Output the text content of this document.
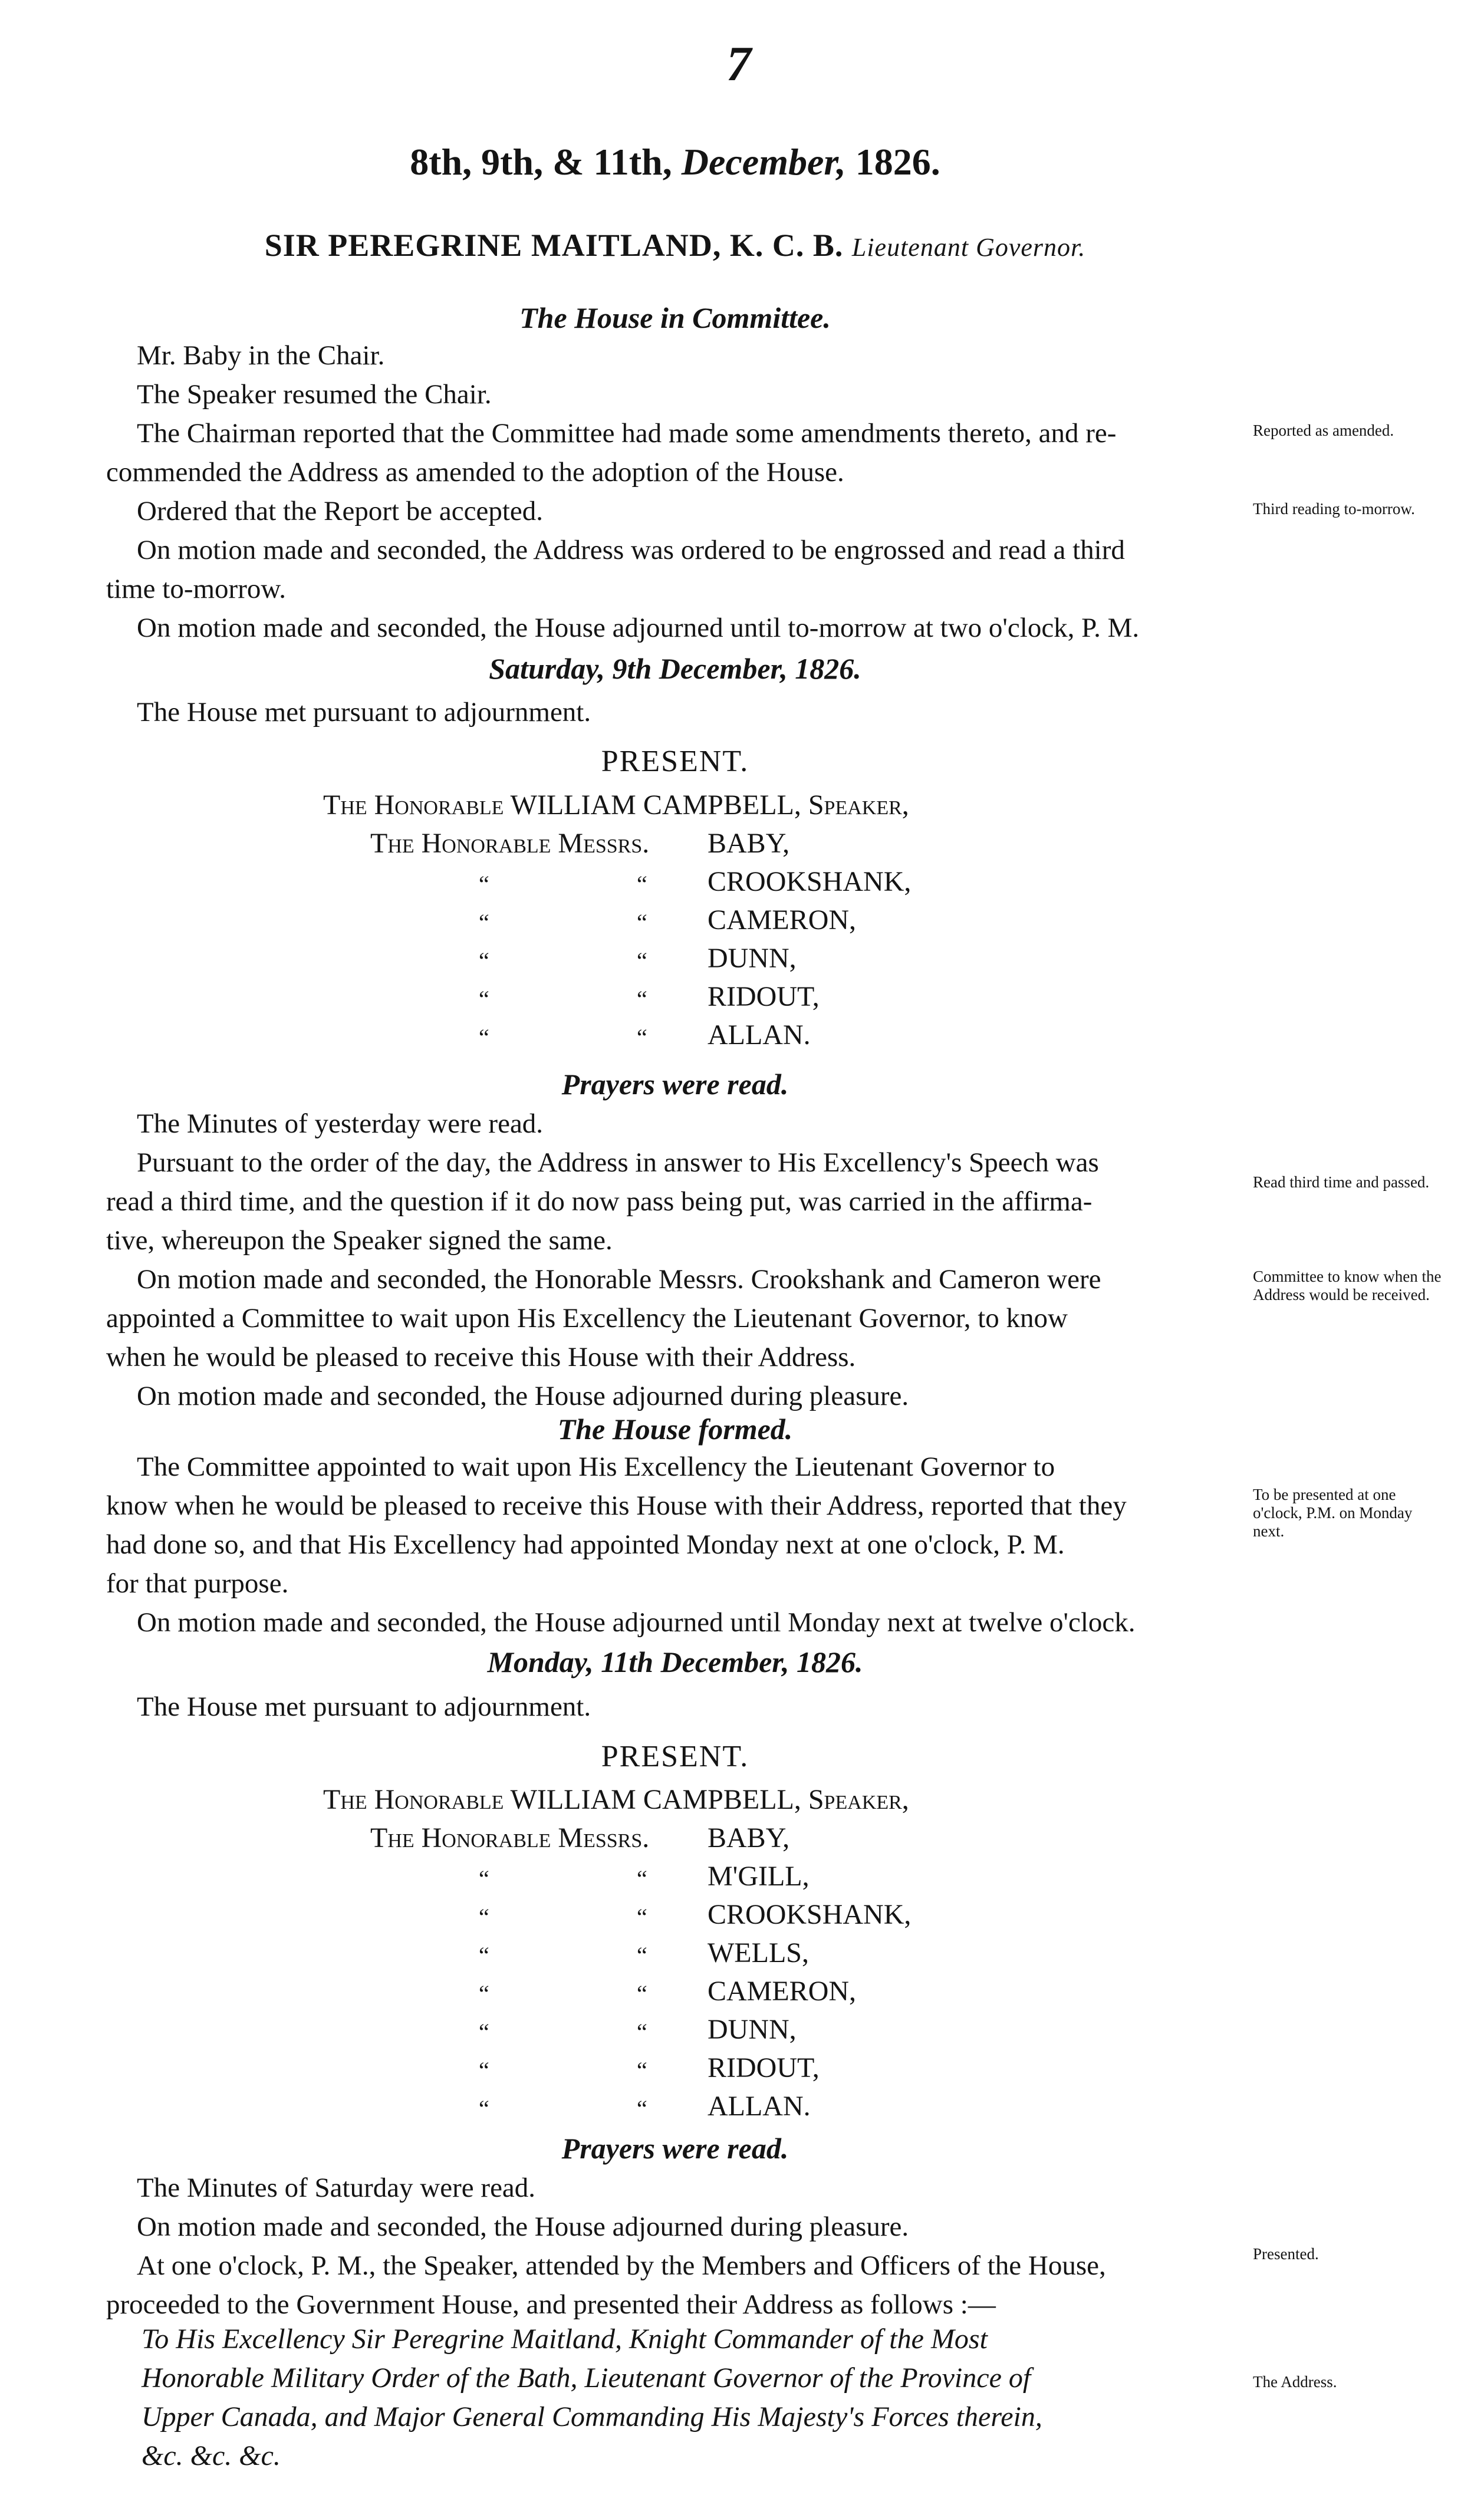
7
8th, 9th, & 11th, December, 1826.
SIR PEREGRINE MAITLAND, K. C. B. Lieutenant Governor.
The House in Committee.
Mr. Baby in the Chair.
The Speaker resumed the Chair.
The Chairman reported that the Committee had made some amendments thereto, and re-
commended the Address as amended to the adoption of the House.
Ordered that the Report be accepted.
On motion made and seconded, the Address was ordered to be engrossed and read a third
time to-morrow.
On motion made and seconded, the House adjourned until to-morrow at two o'clock, P. M.
Saturday, 9th December, 1826.
The House met pursuant to adjournment.
PRESENT.
The Honorable WILLIAM CAMPBELL, Speaker,
The Honorable Messrs. BABY,
“	“ CROOKSHANK,
“	“ CAMERON,
“	“ DUNN,
“	“ RIDOUT,
“	“ ALLAN.
Prayers were read.
The Minutes of yesterday were read.
Pursuant to the order of the day, the Address in answer to His Excellency's Speech was
read a third time, and the question if it do now pass being put, was carried in the affirma-
tive, whereupon the Speaker signed the same.
On motion made and seconded, the Honorable Messrs. Crookshank and Cameron were
appointed a Committee to wait upon His Excellency the Lieutenant Governor, to know
when he would be pleased to receive this House with their Address.
On motion made and seconded, the House adjourned during pleasure.
The House formed.
The Committee appointed to wait upon His Excellency the Lieutenant Governor to
know when he would be pleased to receive this House with their Address, reported that they
had done so, and that His Excellency had appointed Monday next at one o'clock, P. M.
for that purpose.
On motion made and seconded, the House adjourned until Monday next at twelve o'clock.
Monday, 11th December, 1826.
The House met pursuant to adjournment.
PRESENT.
The Honorable WILLIAM CAMPBELL, Speaker,
The Honorable Messrs. BABY,
“	“ M'GILL,
“	“ CROOKSHANK,
“	“ WELLS,
“	“ CAMERON,
“	“ DUNN,
“	“ RIDOUT,
“	“ ALLAN.
Prayers were read.
The Minutes of Saturday were read.
On motion made and seconded, the House adjourned during pleasure.
At one o'clock, P. M., the Speaker, attended by the Members and Officers of the House,
proceeded to the Government House, and presented their Address as follows :—
To His Excellency Sir Peregrine Maitland, Knight Commander of the Most
Honorable Military Order of the Bath, Lieutenant Governor of the Province of
Upper Canada, and Major General Commanding His Majesty's Forces therein,
&c. &c. &c.
Reported as amended.
Third reading to-morrow.
Read third time and passed.
Committee to know when the Address would be received.
To be presented at one o'clock, P.M. on Monday next.
Presented.
The Address.
